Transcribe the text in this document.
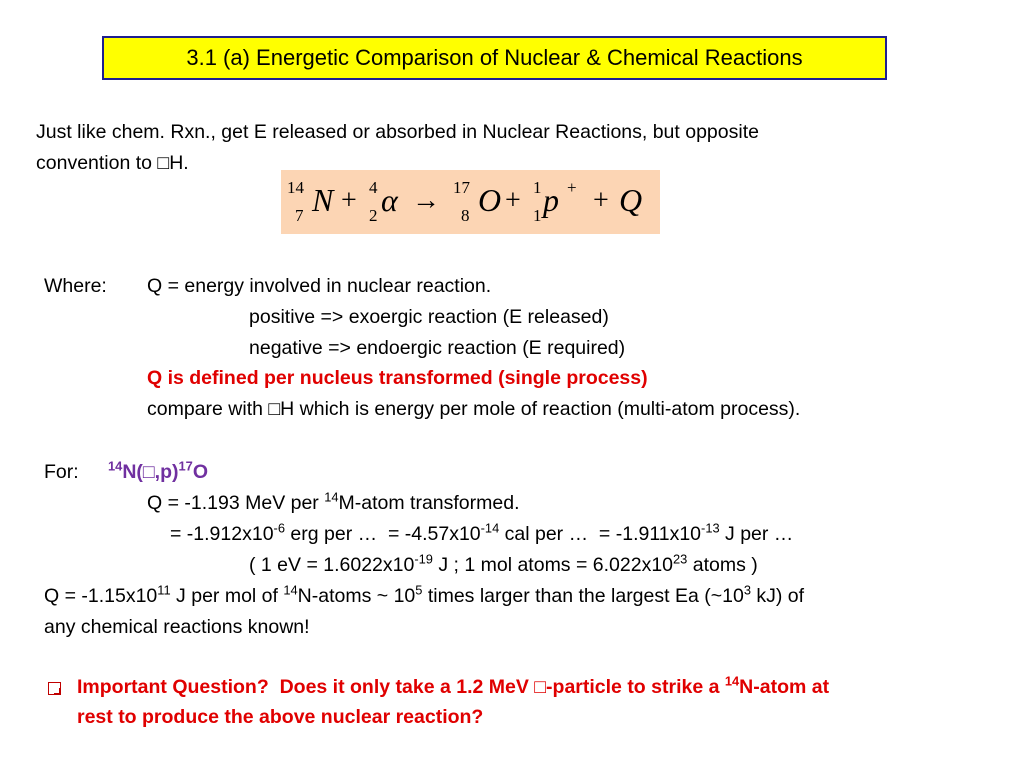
3.1 (a) Energetic Comparison of Nuclear & Chemical Reactions
Just like chem. Rxn., get E released or absorbed in Nuclear Reactions, but opposite
convention to □H.
14
7 N + 4
2 α → 17
8 O + 1
1 p + + Q
Where: Q = energy involved in nuclear reaction.
positive => exoergic reaction (E released)
negative => endoergic reaction (E required)
Q is defined per nucleus transformed (single process)
compare with □H which is energy per mole of reaction (multi-atom process).
For: $^{14}$N(□,p)$^{17}$O
Q = -1.193 MeV per $^{14}$M-atom transformed.
= $-1.912x10^{-6}$ erg per …  = $-4.57x10^{-14}$ cal per …  = $-1.911x10^{-13}$ J per …
( 1 eV = $1.6022x10^{-19}$ J ; 1 mol atoms = $6.022x10^{23}$ atoms )
$Q = -1.15x10^{11}$ J per mol of $^{14}$N-atoms ~ $10^5$ times larger than the largest Ea ($\sim 10^3$ kJ) of
any chemical reactions known!
Important Question?  Does it only take a 1.2 MeV □-particle to strike a $^{14}$N-atom at
rest to produce the above nuclear reaction?
